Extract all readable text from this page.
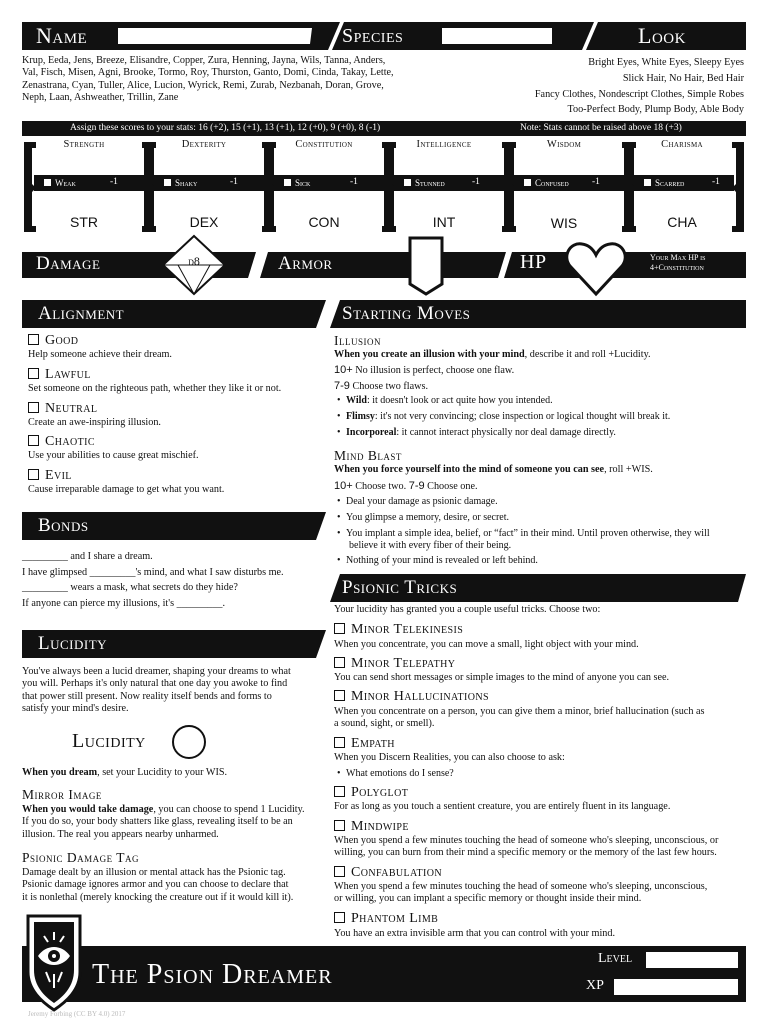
Name	Species	Look
Krup, Eeda, Jens, Breeze, Elisandre, Copper, Zura, Henning, Jayna, Wils, Tanna, Anders,
Val, Fisch, Misen, Agni, Brooke, Tormo, Roy, Thurston, Ganto, Domi, Cinda, Takay, Lette,
Zenastrana, Cyan, Tuller, Alice, Lucion, Wyrick, Remi, Zurab, Nezbanah, Doran, Grove,
Neph, Laan, Ashweather, Trillin, Zane
Bright Eyes, White Eyes, Sleepy Eyes
Slick Hair, No Hair, Bed Hair
Fancy Clothes, Nondescript Clothes, Simple Robes
Too-Perfect Body, Plump Body, Able Body
Assign these scores to your stats: 16 (+2), 15 (+1), 13 (+1), 12 (+0), 9 (+0), 8 (-1)	Note: Stats cannot be raised above 18 (+3)
Strength
Weak	-1
STR
Dexterity
Shaky	-1
DEX
Constitution
Sick	-1
CON
Intelligence
Stunned	-1
INT
Wisdom
Confused -1
WIS
Charisma
Scarred	-1
CHA
Damage	d8	Armor	HP	Your Max HP is
4+Constitution
Alignment
Good
Help someone achieve their dream.
Lawful
Set someone on the righteous path, whether they like it or not.
Neutral
Create an awe-inspiring illusion.
Chaotic
Use your abilities to cause great mischief.
Evil
Cause irreparable damage to get what you want.
Bonds
_________ and I share a dream.
I have glimpsed _________'s mind, and what I saw disturbs me.
_________ wears a mask, what secrets do they hide?
If anyone can pierce my illusions, it's _________.
Lucidity
You've always been a lucid dreamer, shaping your dreams to what
you will. Perhaps it's only natural that one day you awoke to find
that power still present. Now reality itself bends and forms to
satisfy your mind's desire.
Lucidity
When you dream, set your Lucidity to your WIS.
Mirror Image
When you would take damage, you can choose to spend 1 Lucidity.
If you do so, your body shatters like glass, revealing itself to be an
illusion. The real you appears nearby unharmed.
Psionic Damage Tag
Damage dealt by an illusion or mental attack has the Psionic tag.
Psionic damage ignores armor and you can choose to declare that
it is nonlethal (merely knocking the creature out if it would kill it).
Starting Moves
Illusion
When you create an illusion with your mind, describe it and roll +Lucidity.
10+ No illusion is perfect, choose one flaw.
7-9 Choose two flaws.
• Wild: it doesn't look or act quite how you intended.
• Flimsy: it's not very convincing; close inspection or logical thought will break it.
• Incorporeal: it cannot interact physically nor deal damage directly.
Mind Blast
When you force yourself into the mind of someone you can see, roll +WIS.
10+ Choose two. 7-9 Choose one.
• Deal your damage as psionic damage.
• You glimpse a memory, desire, or secret.
• You implant a simple idea, belief, or “fact” in their mind. Until proven otherwise, they will
believe it with every fiber of their being.
• Nothing of your mind is revealed or left behind.
Psionic Tricks
Your lucidity has granted you a couple useful tricks. Choose two:
Minor Telekinesis
When you concentrate, you can move a small, light object with your mind.
Minor Telepathy
You can send short messages or simple images to the mind of anyone you can see.
Minor Hallucinations
When you concentrate on a person, you can give them a minor, brief hallucination (such as
a sound, sight, or smell).
Empath
When you Discern Realities, you can also choose to ask:
• What emotions do I sense?
Polyglot
For as long as you touch a sentient creature, you are entirely fluent in its language.
Mindwipe
When you spend a few minutes touching the head of someone who's sleeping, unconscious, or
willing, you can burn from their mind a specific memory or the memory of the last few hours.
Confabulation
When you spend a few minutes touching the head of someone who's sleeping, unconscious,
or willing, you can implant a specific memory or thought inside their mind.
Phantom Limb
You have an extra invisible arm that you can control with your mind.
The Psion Dreamer
Level
XP
Jeremy Forbing (CC BY 4.0) 2017
